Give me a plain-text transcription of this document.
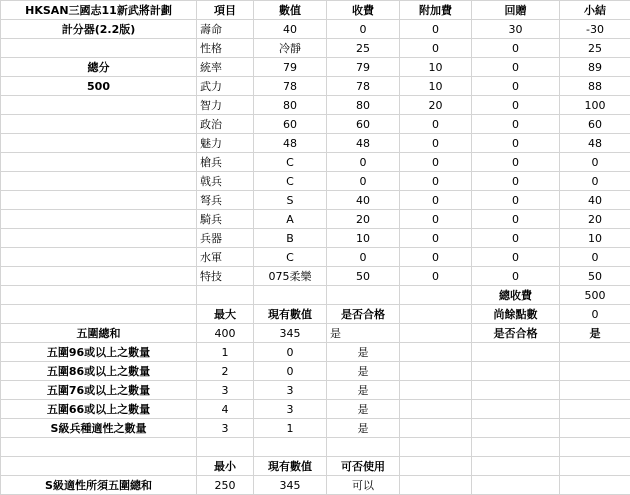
HKSAN三國志11新武將計劃	項目	數值	收費	附加費	回贈	小結
計分器(2.2版)	壽命	40	0	0	30	-30
	性格	冷靜	25	0	0	25
總分	統率	79	79	10	0	89
500	武力	78	78	10	0	88
	智力	80	80	20	0	100
	政治	60	60	0	0	60
	魅力	48	48	0	0	48
	槍兵	C	0	0	0	0
	戟兵	C	0	0	0	0
	弩兵	S	40	0	0	40
	騎兵	A	20	0	0	20
	兵器	B	10	0	0	10
	水軍	C	0	0	0	0
	特技	075柔樂	50	0	0	50
					總收費	500
	最大	現有數值	是否合格		尚餘點數	0
五圍總和	400	345	是		是否合格	是
五圍96或以上之數量	1	0	是			
五圍86或以上之數量	2	0	是			
五圍76或以上之數量	3	3	是			
五圍66或以上之數量	4	3	是			
S級兵種適性之數量	3	1	是			

	最小	現有數值	可否使用			
S級適性所須五圍總和	250	345	可以			
